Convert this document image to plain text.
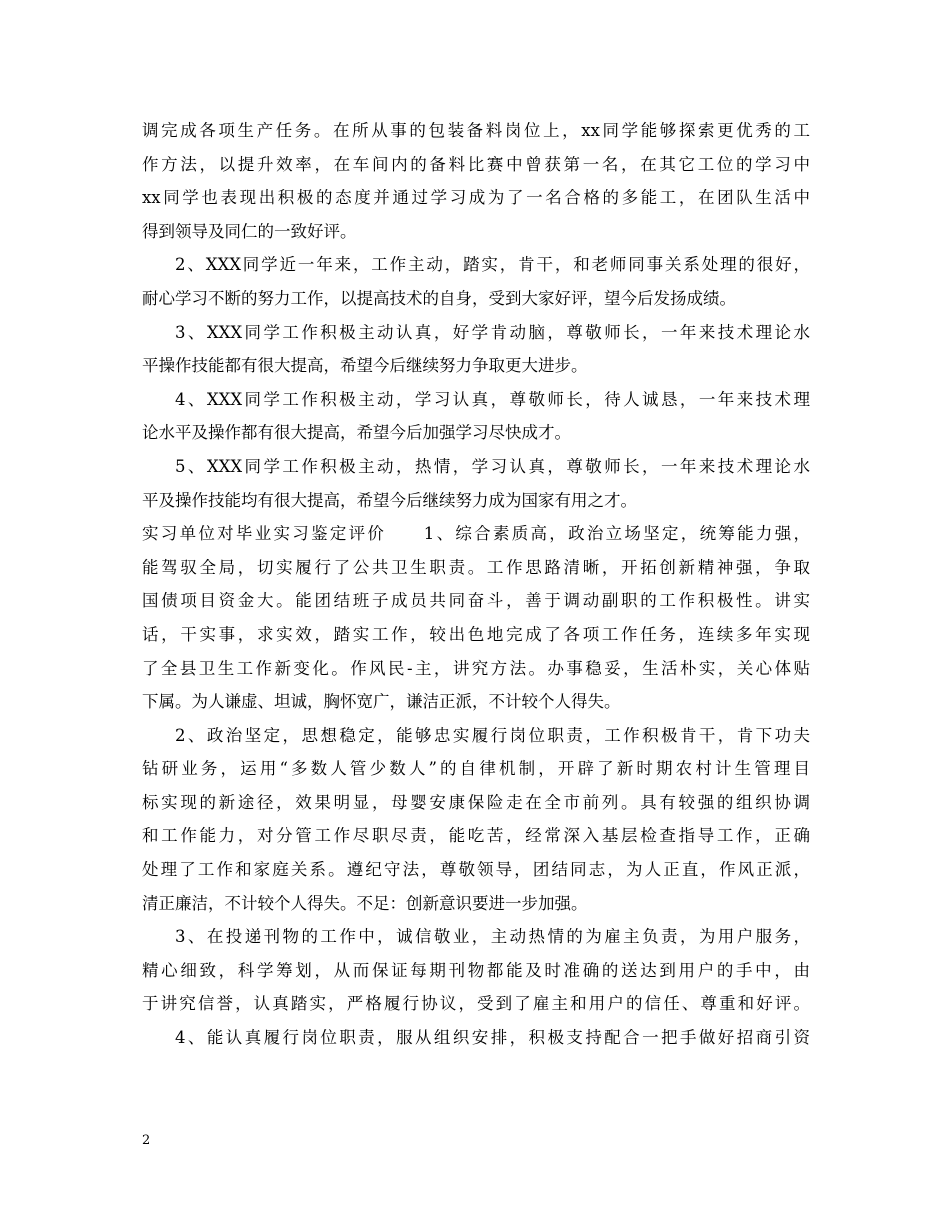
调完成各项生产任务。在所从事的包装备料岗位上，xx同学能够探索更优秀的工
作方法，以提升效率，在车间内的备料比赛中曾获第一名，在其它工位的学习中
xx同学也表现出积极的态度并通过学习成为了一名合格的多能工，在团队生活中
得到领导及同仁的一致好评。
2、XXX同学近一年来，工作主动，踏实，肯干，和老师同事关系处理的很好，
耐心学习不断的努力工作，以提高技术的自身，受到大家好评，望今后发扬成绩。
3、XXX同学工作积极主动认真，好学肯动脑，尊敬师长，一年来技术理论水
平操作技能都有很大提高，希望今后继续努力争取更大进步。
4、XXX同学工作积极主动，学习认真，尊敬师长，待人诚恳，一年来技术理
论水平及操作都有很大提高，希望今后加强学习尽快成才。
5、XXX同学工作积极主动，热情，学习认真，尊敬师长，一年来技术理论水
平及操作技能均有很大提高，希望今后继续努力成为国家有用之才。
实习单位对毕业实习鉴定评价　　1、综合素质高，政治立场坚定，统筹能力强，
能驾驭全局，切实履行了公共卫生职责。工作思路清晰，开拓创新精神强，争取
国债项目资金大。能团结班子成员共同奋斗，善于调动副职的工作积极性。讲实
话，干实事，求实效，踏实工作，较出色地完成了各项工作任务，连续多年实现
了全县卫生工作新变化。作风民-主，讲究方法。办事稳妥，生活朴实，关心体贴
下属。为人谦虚、坦诚，胸怀宽广，谦洁正派，不计较个人得失。
2、政治坚定，思想稳定，能够忠实履行岗位职责，工作积极肯干，肯下功夫
钻研业务，运用“多数人管少数人”的自律机制，开辟了新时期农村计生管理目
标实现的新途径，效果明显，母婴安康保险走在全市前列。具有较强的组织协调
和工作能力，对分管工作尽职尽责，能吃苦，经常深入基层检查指导工作，正确
处理了工作和家庭关系。遵纪守法，尊敬领导，团结同志，为人正直，作风正派，
清正廉洁，不计较个人得失。不足：创新意识要进一步加强。
3、在投递刊物的工作中，诚信敬业，主动热情的为雇主负责，为用户服务，
精心细致，科学筹划，从而保证每期刊物都能及时准确的送达到用户的手中，由
于讲究信誉，认真踏实，严格履行协议，受到了雇主和用户的信任、尊重和好评。
4、能认真履行岗位职责，服从组织安排，积极支持配合一把手做好招商引资
2
